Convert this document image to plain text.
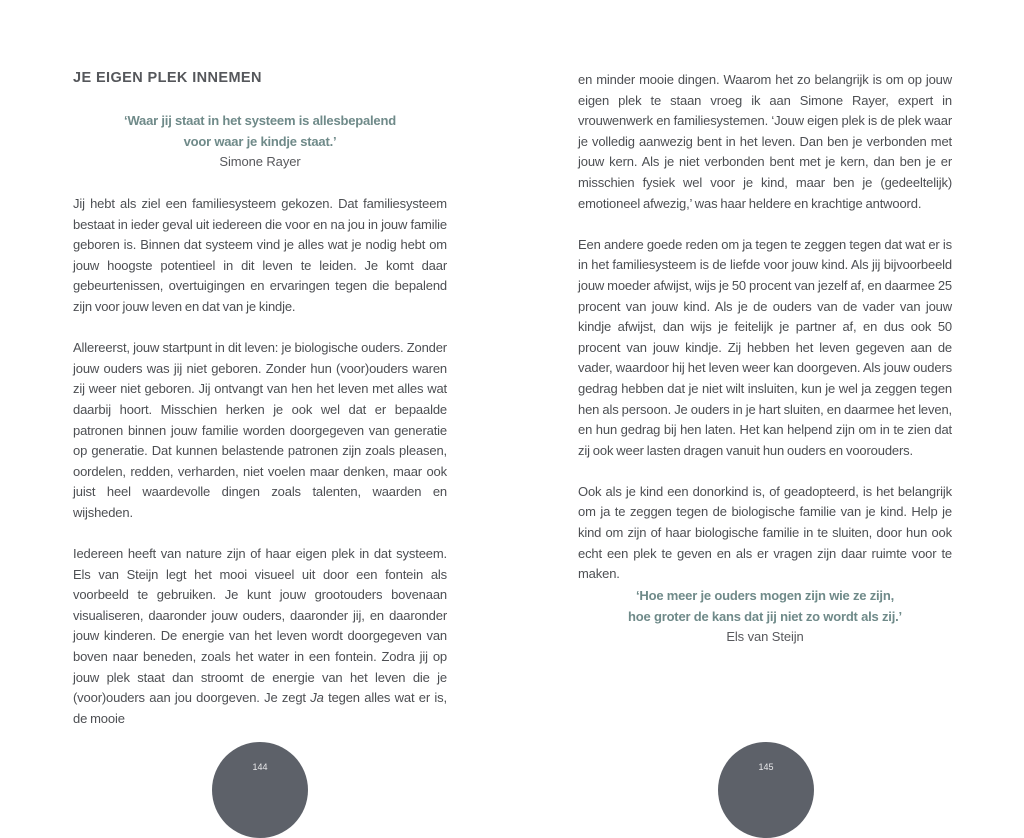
JE EIGEN PLEK INNEMEN
‘Waar jij staat in het systeem is allesbepalend
voor waar je kindje staat.’
Simone Rayer

Jij hebt als ziel een familiesysteem gekozen. Dat familiesysteem bestaat in ieder geval uit iedereen die voor en na jou in jouw familie geboren is. Binnen dat systeem vind je alles wat je nodig hebt om jouw hoogste potentieel in dit leven te leiden. Je komt daar gebeurtenissen, overtuigingen en ervaringen tegen die bepalend zijn voor jouw leven en dat van je kindje.

Allereerst, jouw startpunt in dit leven: je biologische ouders. Zonder jouw ouders was jij niet geboren. Zonder hun (voor)ouders waren zij weer niet geboren. Jij ontvangt van hen het leven met alles wat daarbij hoort. Misschien herken je ook wel dat er bepaalde patronen binnen jouw familie worden doorgegeven van generatie op generatie. Dat kunnen belastende patronen zijn zoals pleasen, oordelen, redden, verharden, niet voelen maar denken, maar ook juist heel waardevolle dingen zoals talenten, waarden en wijsheden.

Iedereen heeft van nature zijn of haar eigen plek in dat systeem. Els van Steijn legt het mooi visueel uit door een fontein als voorbeeld te gebruiken. Je kunt jouw grootouders bovenaan visualiseren, daaronder jouw ouders, daaronder jij, en daaronder jouw kinderen. De energie van het leven wordt doorgegeven van boven naar beneden, zoals het water in een fontein. Zodra jij op jouw plek staat dan stroomt de energie van het leven die je (voor)ouders aan jou doorgeven. Je zegt Ja tegen alles wat er is, de mooie

144

en minder mooie dingen. Waarom het zo belangrijk is om op jouw eigen plek te staan vroeg ik aan Simone Rayer, expert in vrouwenwerk en familiesystemen. ‘Jouw eigen plek is de plek waar je volledig aanwezig bent in het leven. Dan ben je verbonden met jouw kern. Als je niet verbonden bent met je kern, dan ben je er misschien fysiek wel voor je kind, maar ben je (gedeeltelijk) emotioneel afwezig,’ was haar heldere en krachtige antwoord.

Een andere goede reden om ja tegen te zeggen tegen dat wat er is in het familiesysteem is de liefde voor jouw kind. Als jij bijvoorbeeld jouw moeder afwijst, wijs je 50 procent van jezelf af, en daarmee 25 procent van jouw kind. Als je de ouders van de vader van jouw kindje afwijst, dan wijs je feitelijk je partner af, en dus ook 50 procent van jouw kindje. Zij hebben het leven gegeven aan de vader, waardoor hij het leven weer kan doorgeven. Als jouw ouders gedrag hebben dat je niet wilt insluiten, kun je wel ja zeggen tegen hen als persoon. Je ouders in je hart sluiten, en daarmee het leven, en hun gedrag bij hen laten. Het kan helpend zijn om in te zien dat zij ook weer lasten dragen vanuit hun ouders en voorouders.

Ook als je kind een donorkind is, of geadopteerd, is het belangrijk om ja te zeggen tegen de biologische familie van je kind. Help je kind om zijn of haar biologische familie in te sluiten, door hun ook echt een plek te geven en als er vragen zijn daar ruimte voor te maken.

‘Hoe meer je ouders mogen zijn wie ze zijn,
hoe groter de kans dat jij niet zo wordt als zij.’
Els van Steijn
145
